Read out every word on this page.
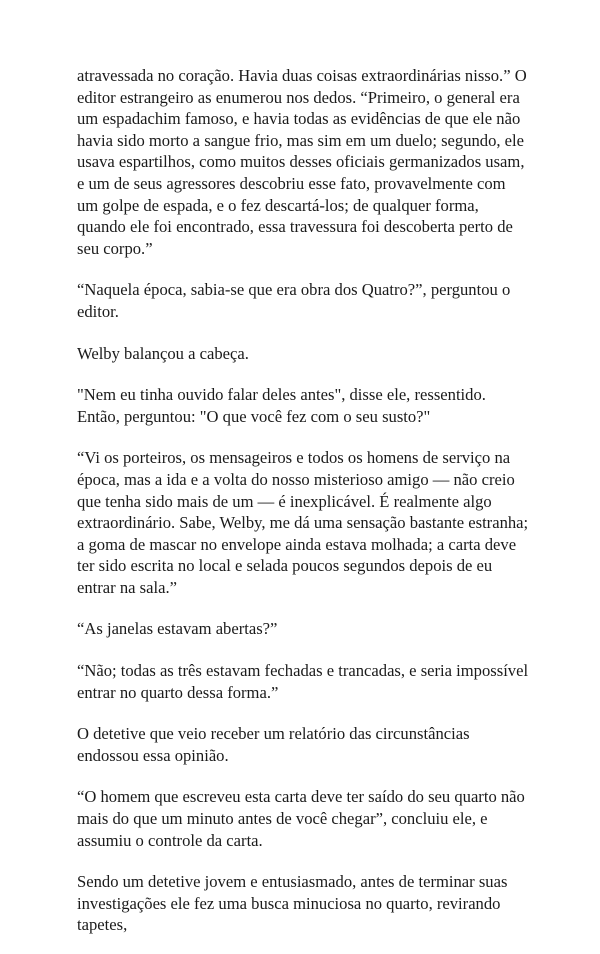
atravessada no coração. Havia duas coisas extraordinárias nisso.” O editor estrangeiro as enumerou nos dedos. “Primeiro, o general era um espadachim famoso, e havia todas as evidências de que ele não havia sido morto a sangue frio, mas sim em um duelo; segundo, ele usava espartilhos, como muitos desses oficiais germanizados usam, e um de seus agressores descobriu esse fato, provavelmente com um golpe de espada, e o fez descartá-los; de qualquer forma, quando ele foi encontrado, essa travessura foi descoberta perto de seu corpo.”

“Naquela época, sabia-se que era obra dos Quatro?”, perguntou o editor.

Welby balançou a cabeça.

"Nem eu tinha ouvido falar deles antes", disse ele, ressentido. Então, perguntou: "O que você fez com o seu susto?"

“Vi os porteiros, os mensageiros e todos os homens de serviço na época, mas a ida e a volta do nosso misterioso amigo — não creio que tenha sido mais de um — é inexplicável. É realmente algo extraordinário. Sabe, Welby, me dá uma sensação bastante estranha; a goma de mascar no envelope ainda estava molhada; a carta deve ter sido escrita no local e selada poucos segundos depois de eu entrar na sala.”

“As janelas estavam abertas?”

“Não; todas as três estavam fechadas e trancadas, e seria impossível entrar no quarto dessa forma.”

O detetive que veio receber um relatório das circunstâncias endossou essa opinião.

“O homem que escreveu esta carta deve ter saído do seu quarto não mais do que um minuto antes de você chegar”, concluiu ele, e assumiu o controle da carta.

Sendo um detetive jovem e entusiasmado, antes de terminar suas investigações ele fez uma busca minuciosa no quarto, revirando tapetes,
